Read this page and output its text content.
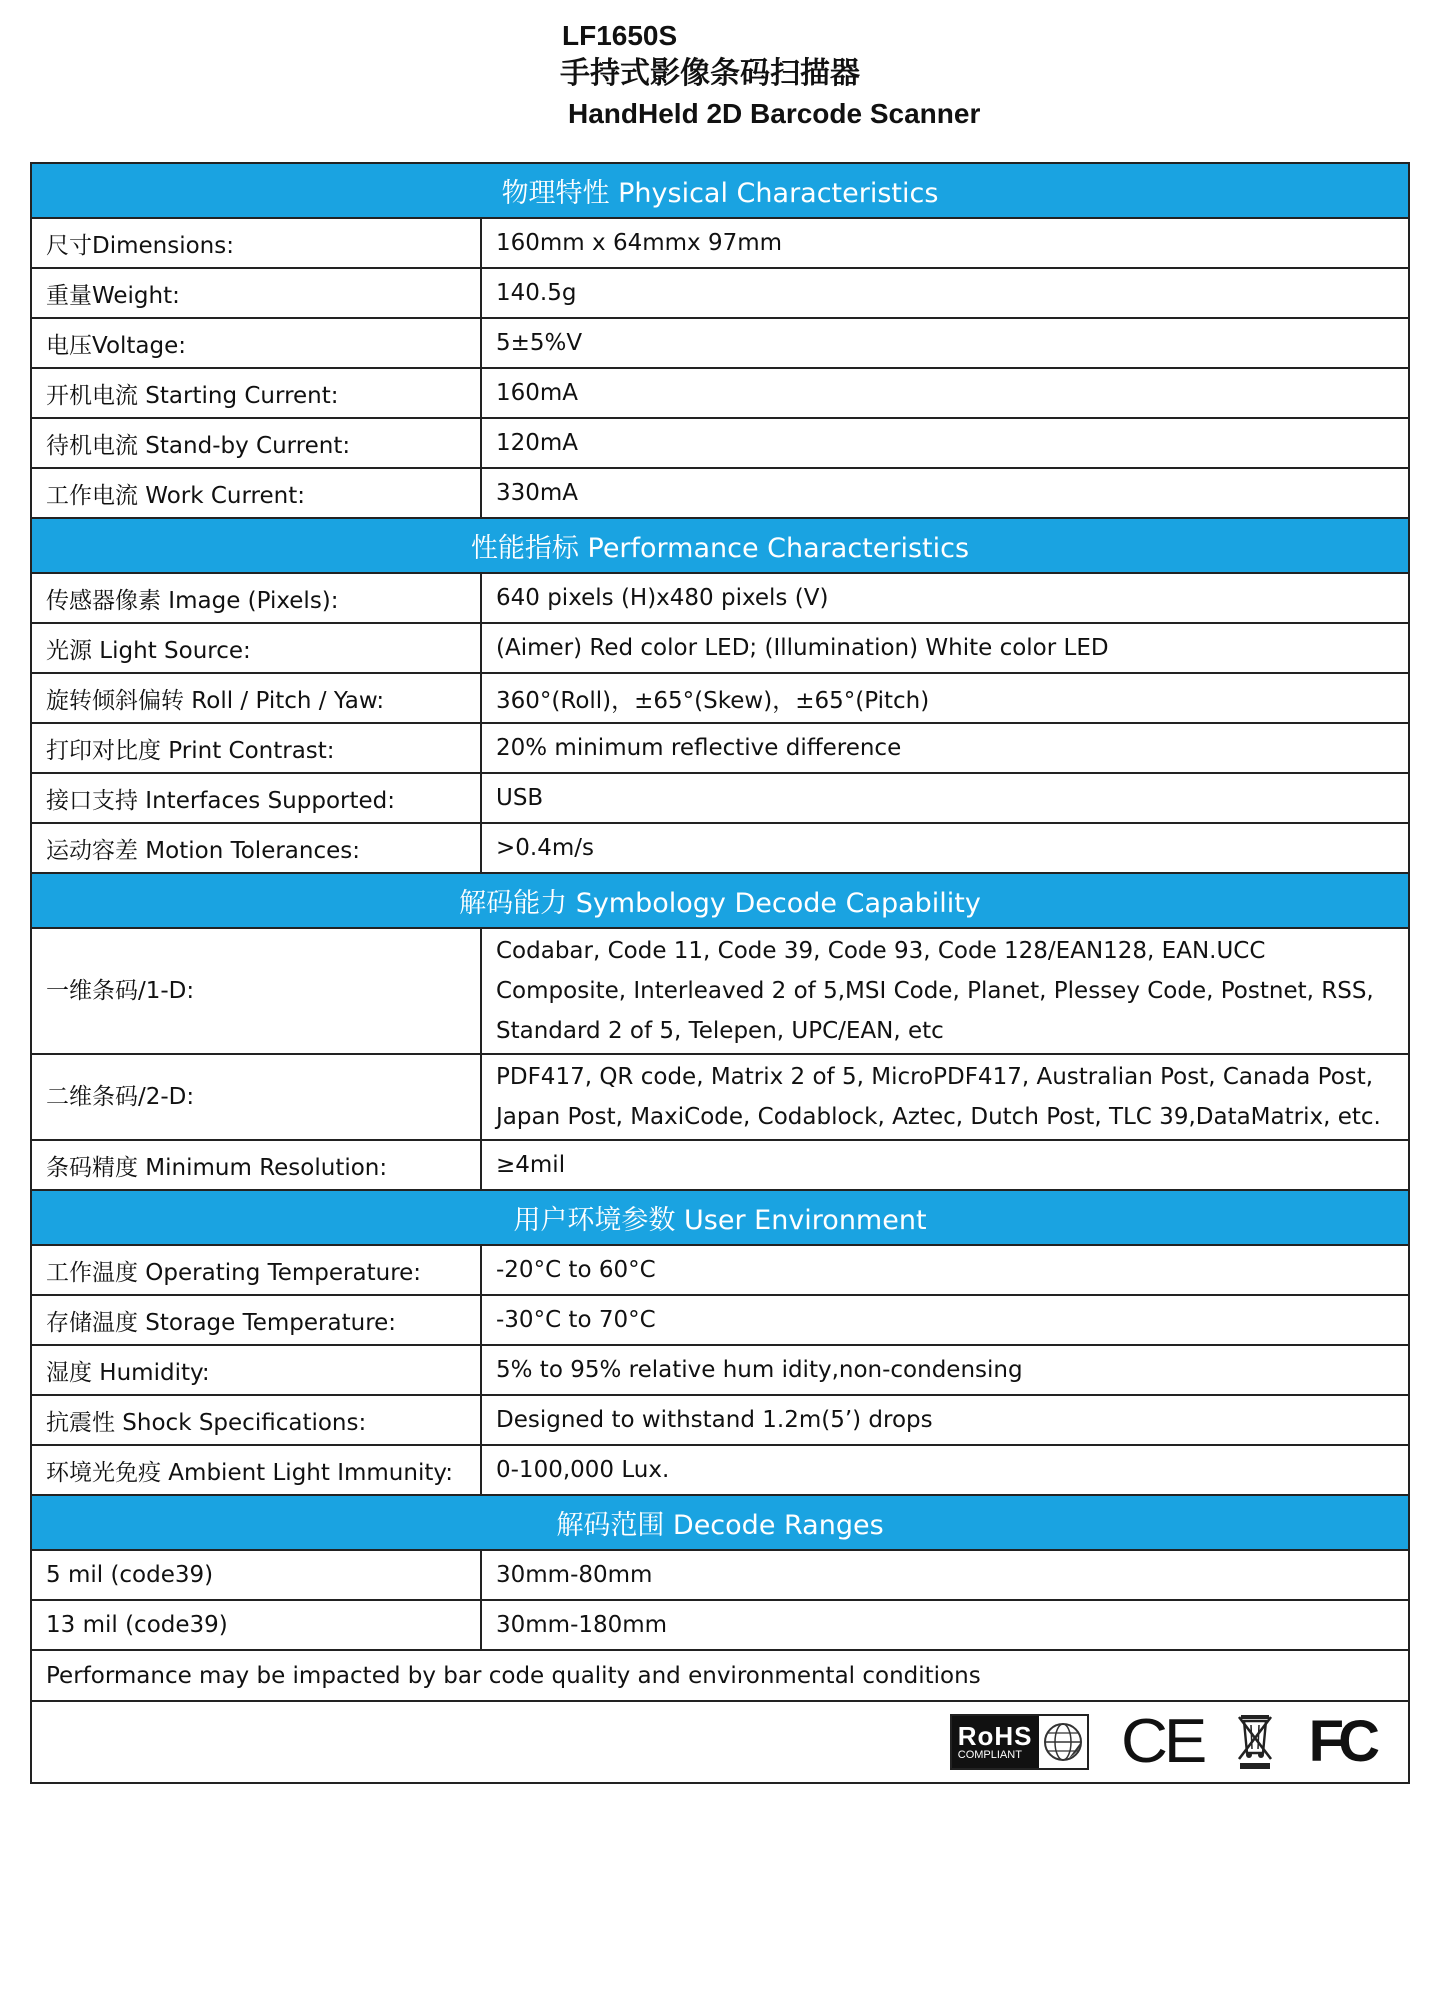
LF1650S
手持式影像条码扫描器
HandHeld 2D Barcode Scanner
物理特性 Physical Characteristics	
尺寸Dimensions:	160mm x 64mmx 97mm
重量Weight:	140.5g
电压Voltage:	5±5%V
开机电流 Starting Current:	160mA
待机电流 Stand-by Current:	120mA
工作电流 Work Current:	330mA
性能指标 Performance Characteristics	
传感器像素 Image (Pixels):	640 pixels (H)x480 pixels (V)
光源 Light Source:	(Aimer) Red color LED; (Illumination) White color LED
旋转倾斜偏转 Roll / Pitch / Yaw:	360°(Roll)，±65°(Skew)，±65°(Pitch)
打印对比度 Print Contrast:	20% minimum reflective difference
接口支持 Interfaces Supported:	USB
运动容差 Motion Tolerances:	>0.4m/s
解码能力 Symbology Decode Capability	
一维条码/1-D:	Codabar, Code 11, Code 39, Code 93, Code 128/EAN128, EAN.UCC Composite, Interleaved 2 of 5,MSI Code, Planet, Plessey Code, Postnet, RSS, Standard 2 of 5, Telepen, UPC/EAN, etc
二维条码/2-D:	PDF417, QR code, Matrix 2 of 5, MicroPDF417, Australian Post, Canada Post, Japan Post, MaxiCode, Codablock, Aztec, Dutch Post, TLC 39,DataMatrix, etc.
条码精度 Minimum Resolution:	≥4mil
用户环境参数 User Environment	
工作温度 Operating Temperature:	-20°C to 60°C
存储温度 Storage Temperature:	-30°C to 70°C
湿度 Humidity:	5% to 95% relative hum idity,non-condensing
抗震性 Shock Specifications:	Designed to withstand 1.2m(5’) drops
环境光免疫 Ambient Light Immunity:	0-100,000 Lux.
解码范围 Decode Ranges	
5 mil (code39)	30mm-80mm
13 mil (code39)	30mm-180mm
Performance may be impacted by bar code quality and environmental conditions	

RoHS
COMPLIANT CE FC	
